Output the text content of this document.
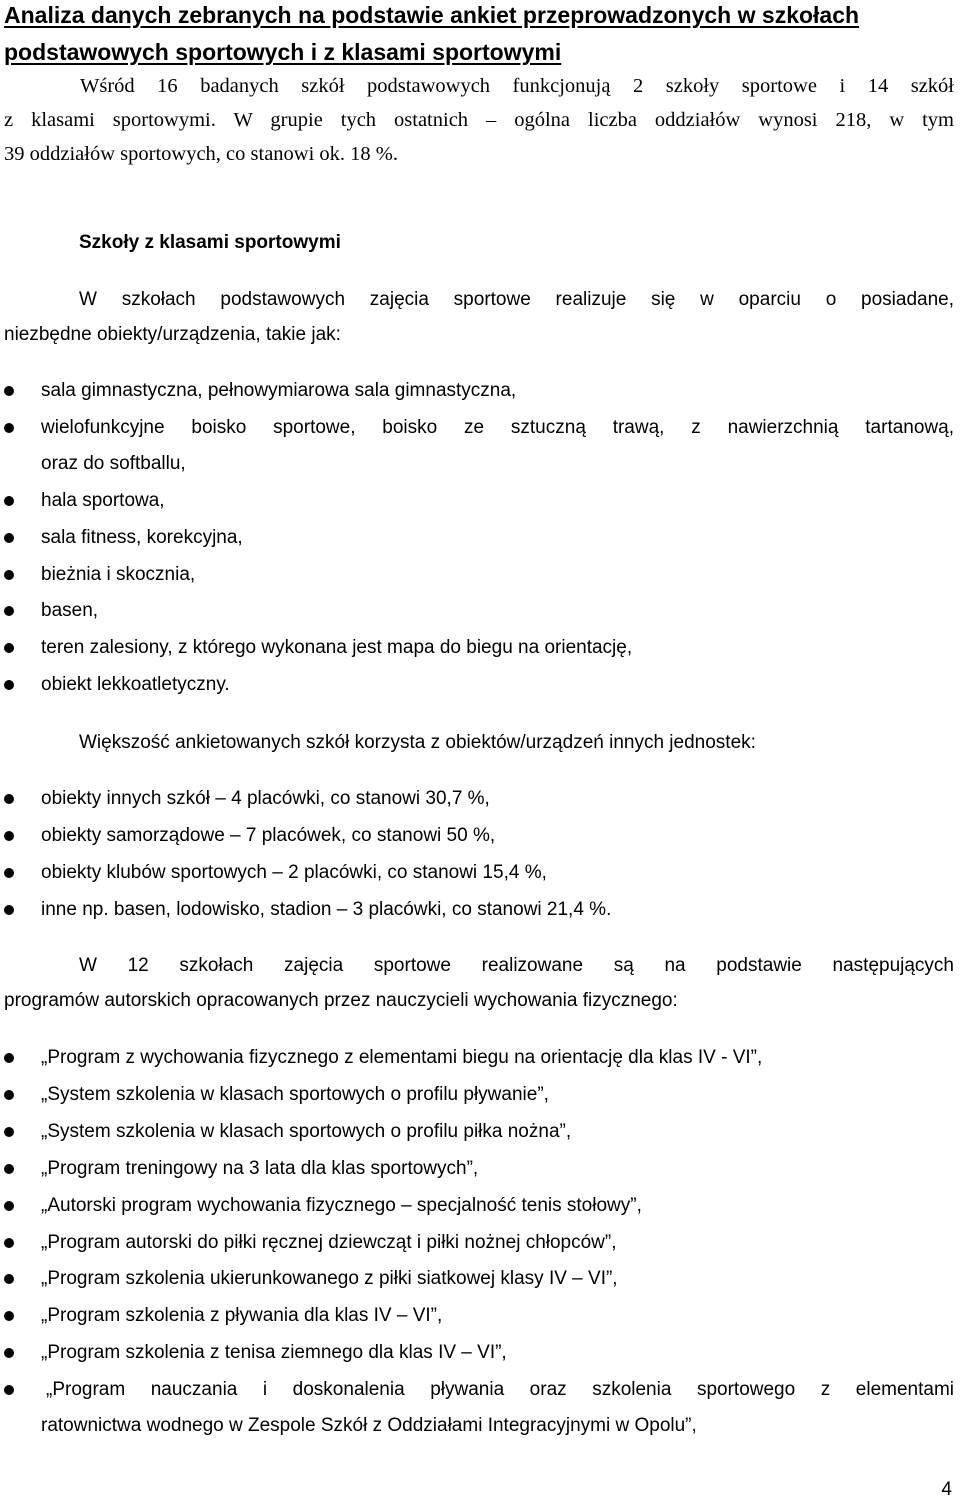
Analiza danych zebranych na podstawie ankiet przeprowadzonych w szkołach
podstawowych sportowych i z klasami sportowymi
Wśród 16 badanych szkół podstawowych funkcjonują 2 szkoły sportowe i 14 szkół
z klasami sportowymi. W grupie tych ostatnich – ogólna liczba oddziałów wynosi 218, w tym
39 oddziałów sportowych, co stanowi ok. 18 %.
Szkoły z klasami sportowymi
W szkołach podstawowych zajęcia sportowe realizuje się w oparciu o posiadane,
niezbędne obiekty/urządzenia, takie jak:
sala gimnastyczna, pełnowymiarowa sala gimnastyczna,
wielofunkcyjne boisko sportowe, boisko ze sztuczną trawą, z nawierzchnią tartanową,
oraz do softballu,
hala sportowa,
sala fitness, korekcyjna,
bieżnia i skocznia,
basen,
teren zalesiony, z którego wykonana jest mapa do biegu na orientację,
obiekt lekkoatletyczny.
Większość ankietowanych szkół korzysta z obiektów/urządzeń innych jednostek:
obiekty innych szkół – 4 placówki, co stanowi 30,7 %,
obiekty samorządowe – 7 placówek, co stanowi 50 %,
obiekty klubów sportowych – 2 placówki, co stanowi 15,4 %,
inne np. basen, lodowisko, stadion – 3 placówki, co stanowi 21,4 %.
W 12 szkołach zajęcia sportowe realizowane są na podstawie następujących
programów autorskich opracowanych przez nauczycieli wychowania fizycznego:
„Program z wychowania fizycznego z elementami biegu na orientację dla klas IV - VI”,
„System szkolenia w klasach sportowych o profilu pływanie”,
„System szkolenia w klasach sportowych o profilu piłka nożna”,
„Program treningowy na 3 lata dla klas sportowych”,
„Autorski program wychowania fizycznego – specjalność tenis stołowy”,
„Program autorski do piłki ręcznej dziewcząt i piłki nożnej chłopców”,
„Program szkolenia ukierunkowanego z piłki siatkowej klasy IV – VI”,
„Program szkolenia z pływania dla klas IV – VI”,
„Program szkolenia z tenisa ziemnego dla klas IV – VI”,
„Program nauczania i doskonalenia pływania oraz szkolenia sportowego z elementami
ratownictwa wodnego w Zespole Szkół z Oddziałami Integracyjnymi w Opolu”,
4
